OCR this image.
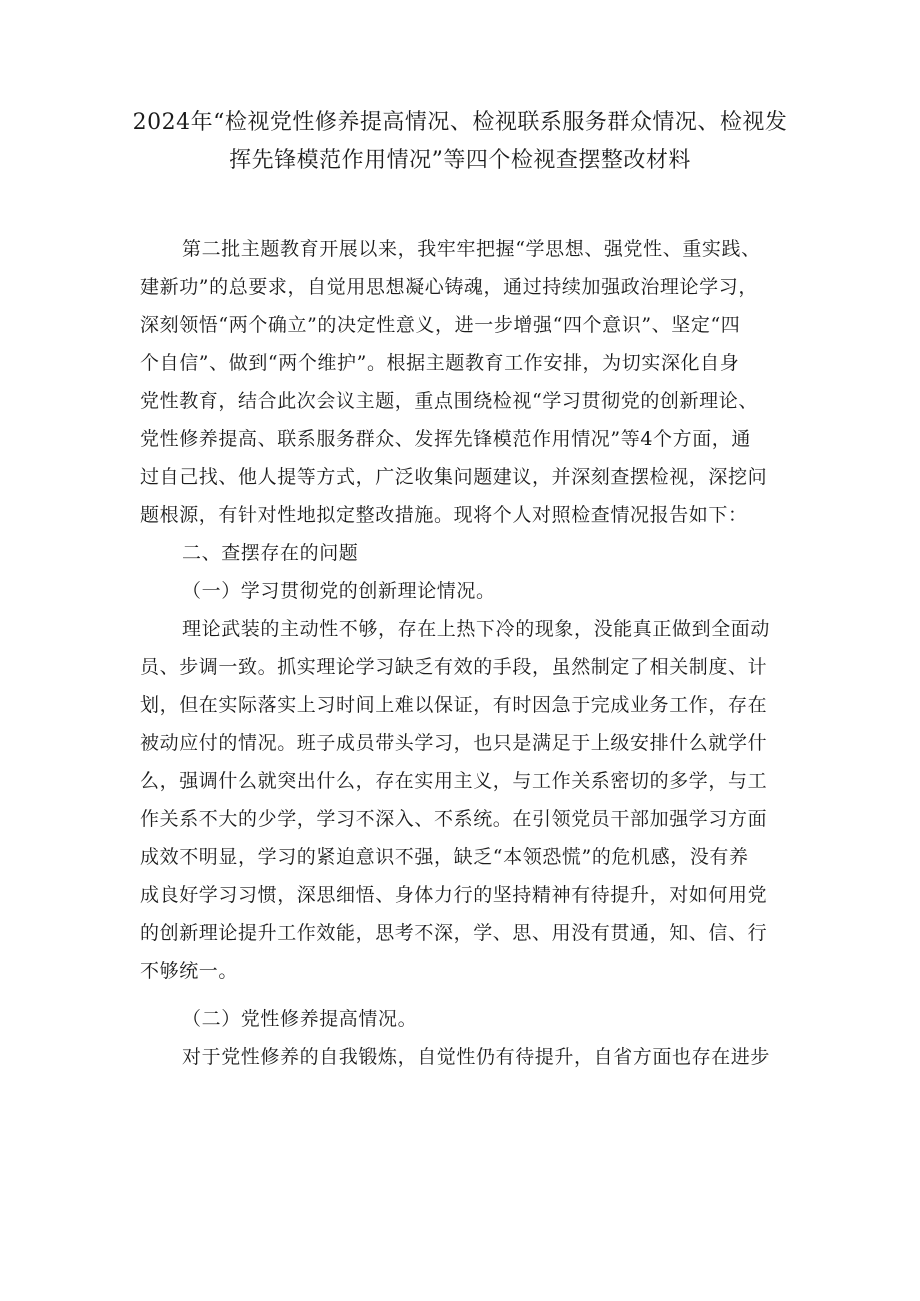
2024年“检视党性修养提高情况、检视联系服务群众情况、检视发
挥先锋模范作用情况”等四个检视查摆整改材料
第二批主题教育开展以来，我牢牢把握“学思想、强党性、重实践、
建新功”的总要求，自觉用思想凝心铸魂，通过持续加强政治理论学习，
深刻领悟“两个确立”的决定性意义，进一步增强“四个意识”、坚定“四
个自信”、做到“两个维护”。根据主题教育工作安排，为切实深化自身
党性教育，结合此次会议主题，重点围绕检视“学习贯彻党的创新理论、
党性修养提高、联系服务群众、发挥先锋模范作用情况”等4个方面，通
过自己找、他人提等方式，广泛收集问题建议，并深刻查摆检视，深挖问
题根源，有针对性地拟定整改措施。现将个人对照检查情况报告如下：
二、查摆存在的问题
（一）学习贯彻党的创新理论情况。
理论武装的主动性不够，存在上热下冷的现象，没能真正做到全面动
员、步调一致。抓实理论学习缺乏有效的手段，虽然制定了相关制度、计
划，但在实际落实上习时间上难以保证，有时因急于完成业务工作，存在
被动应付的情况。班子成员带头学习，也只是满足于上级安排什么就学什
么，强调什么就突出什么，存在实用主义，与工作关系密切的多学，与工
作关系不大的少学，学习不深入、不系统。在引领党员干部加强学习方面
成效不明显，学习的紧迫意识不强，缺乏“本领恐慌”的危机感，没有养
成良好学习习惯，深思细悟、身体力行的坚持精神有待提升，对如何用党
的创新理论提升工作效能，思考不深，学、思、用没有贯通，知、信、行
不够统一。
（二）党性修养提高情况。
对于党性修养的自我锻炼，自觉性仍有待提升，自省方面也存在进步
